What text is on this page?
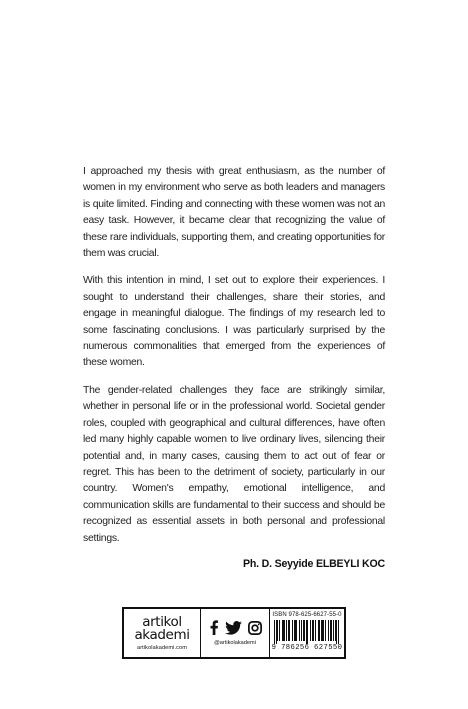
I approached my thesis with great enthusiasm, as the number of women in my environment who serve as both leaders and managers is quite limited. Finding and connecting with these women was not an easy task. However, it became clear that recognizing the value of these rare individuals, supporting them, and creating opportunities for them was crucial.

With this intention in mind, I set out to explore their experiences. I sought to understand their challenges, share their stories, and engage in meaningful dialogue. The findings of my research led to some fascinating conclusions. I was particularly surprised by the numerous commonalities that emerged from the experiences of these women.

The gender-related challenges they face are strikingly similar, whether in personal life or in the professional world. Societal gender roles, coupled with geographical and cultural differences, have often led many highly capable women to live ordinary lives, silencing their potential and, in many cases, causing them to act out of fear or regret. This has been to the detriment of society, particularly in our country. Women's empathy, emotional intelligence, and communication skills are fundamental to their success and should be recognized as essential assets in both personal and professional settings.

Ph. D. Seyyide ELBEYLI KOC
artikol
akademi
artikolakademi.com
@artikolakademi
ISBN 978-625-6627-55-0
9 786256 627550
